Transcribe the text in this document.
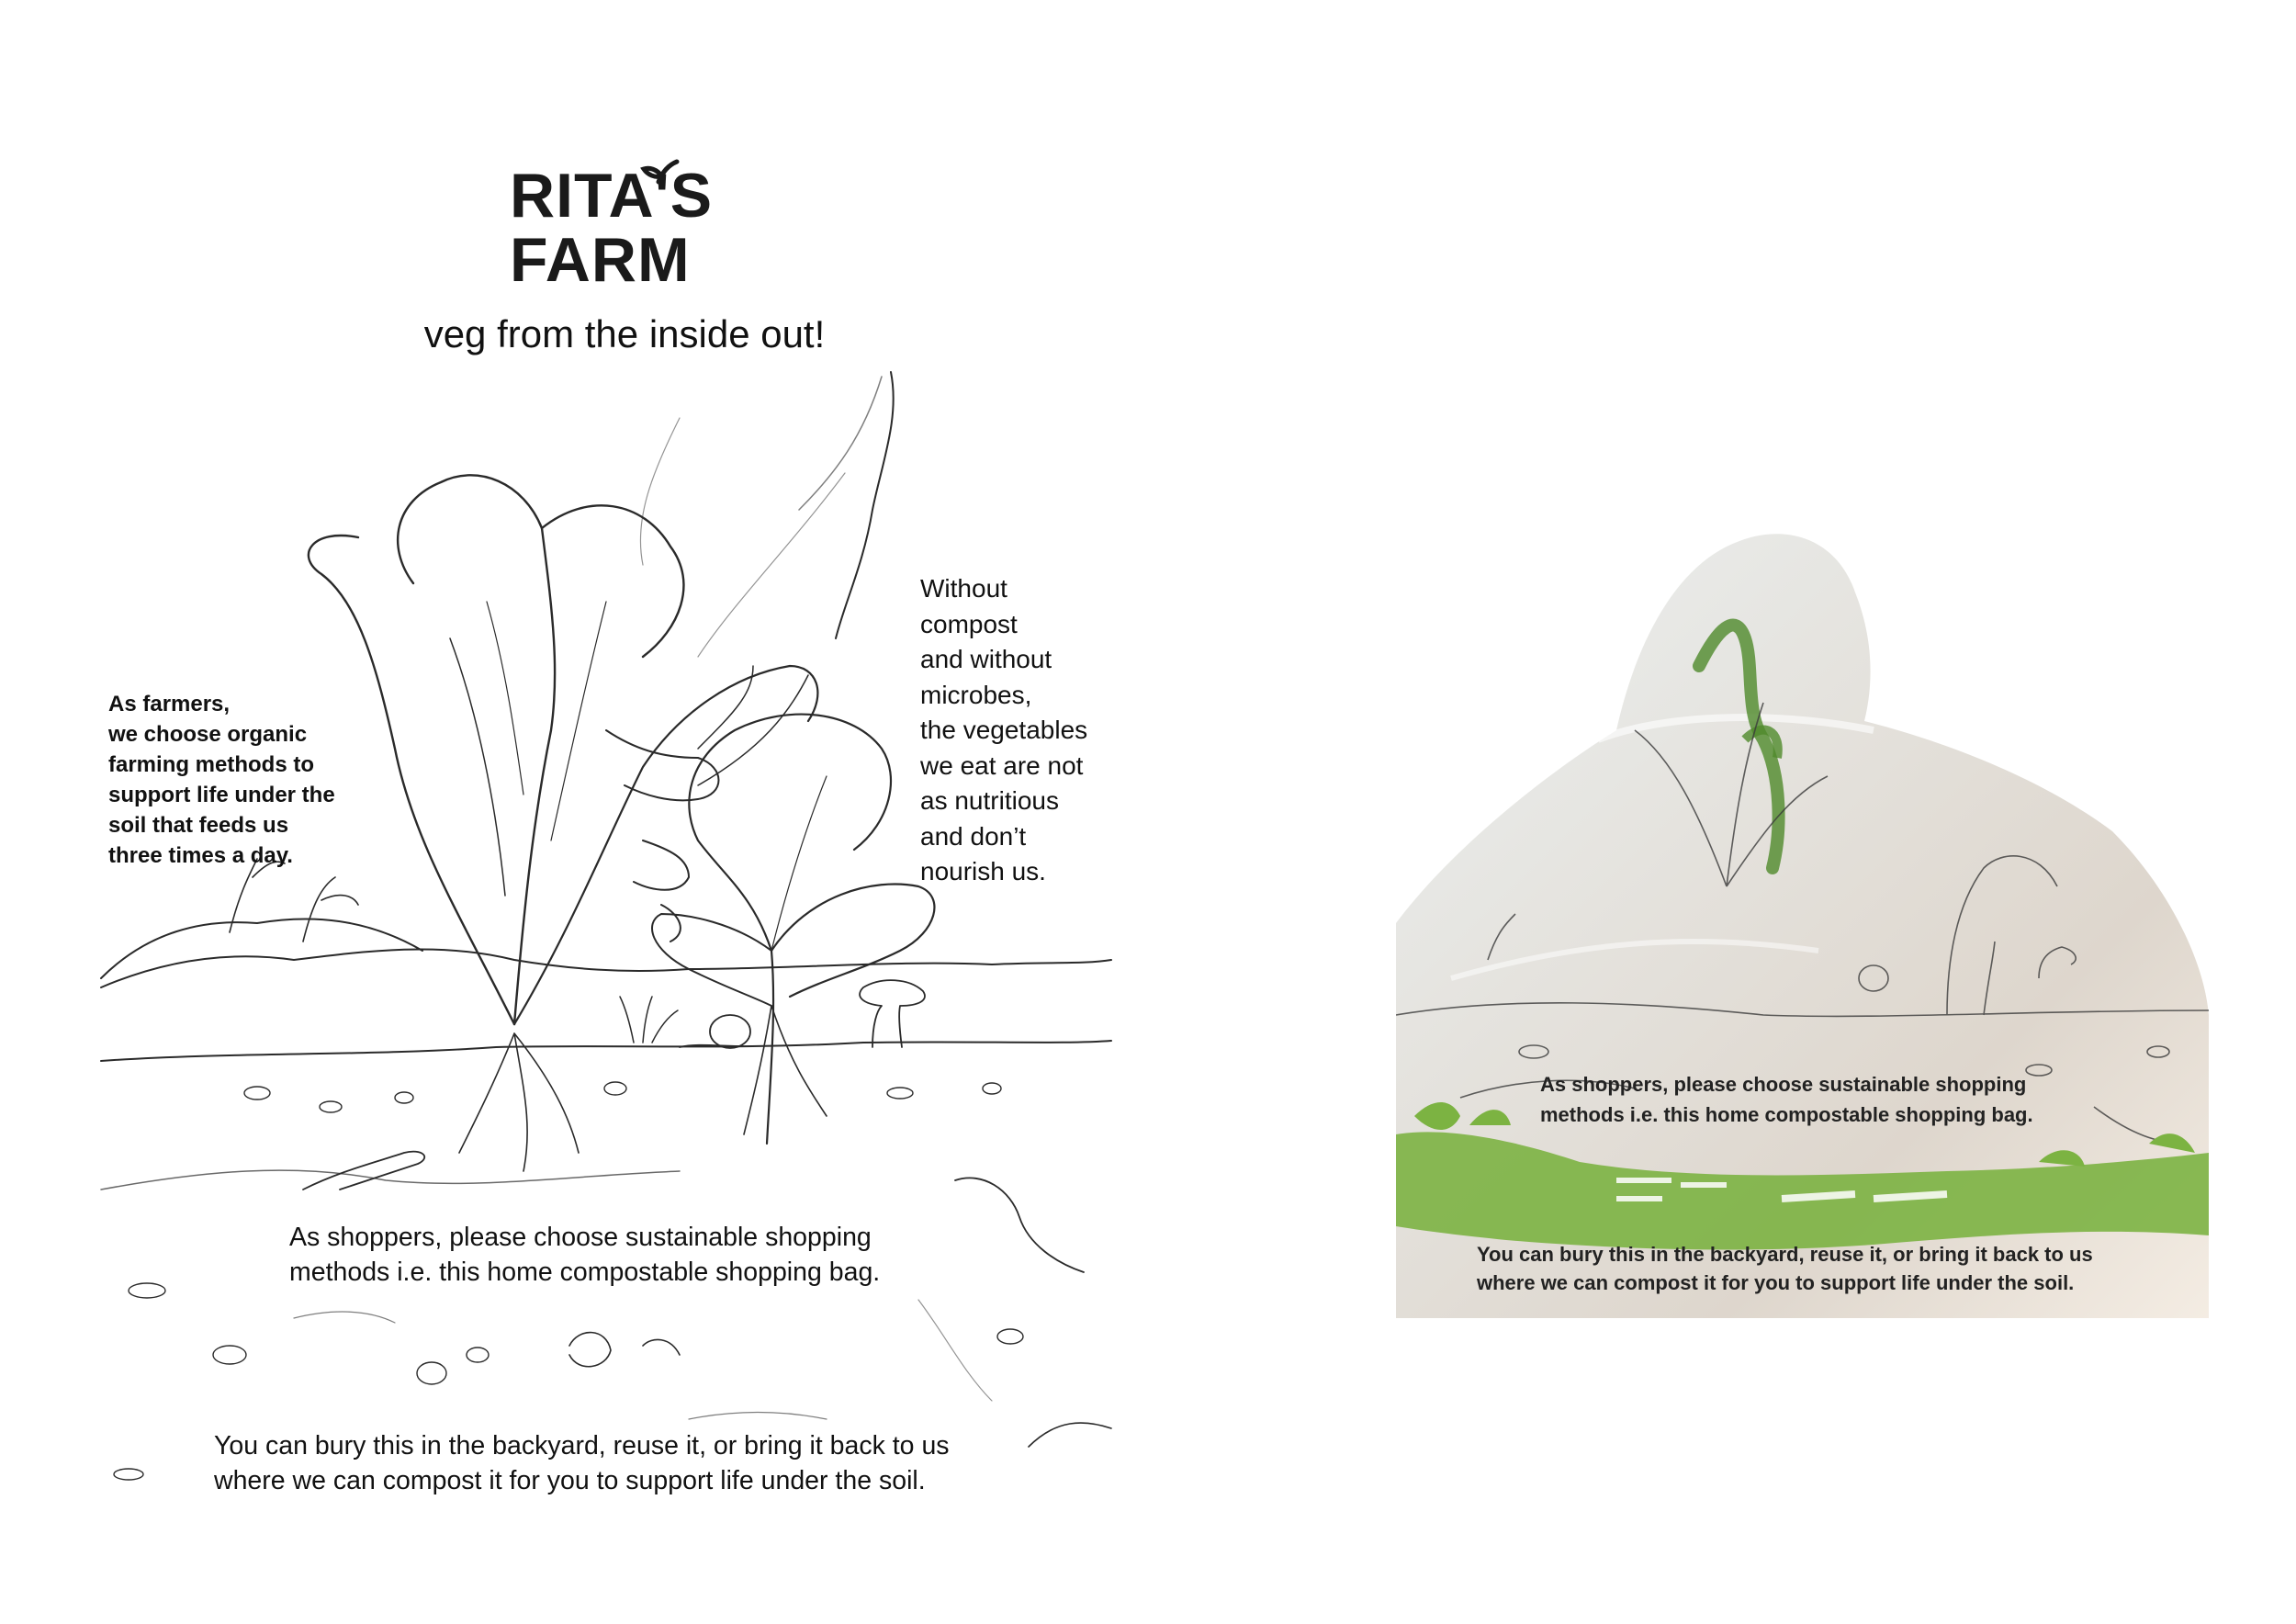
RITA'S
FARM
veg from the inside out!
As farmers,
we choose organic
farming methods to
support life under the
soil that feeds us
three times a day.
Without
compost
and without
microbes,
the vegetables
we eat are not
as nutritious
and don’t
nourish us.
As shoppers, please choose sustainable shopping
methods i.e. this home compostable shopping bag.
You can bury this in the backyard, reuse it, or bring it back to us
where we can compost it for you to support life under the soil.
As shoppers, please choose sustainable shopping
methods i.e. this home compostable shopping bag.
You can bury this in the backyard, reuse it, or bring it back to us
where we can compost it for you to support life under the soil.
